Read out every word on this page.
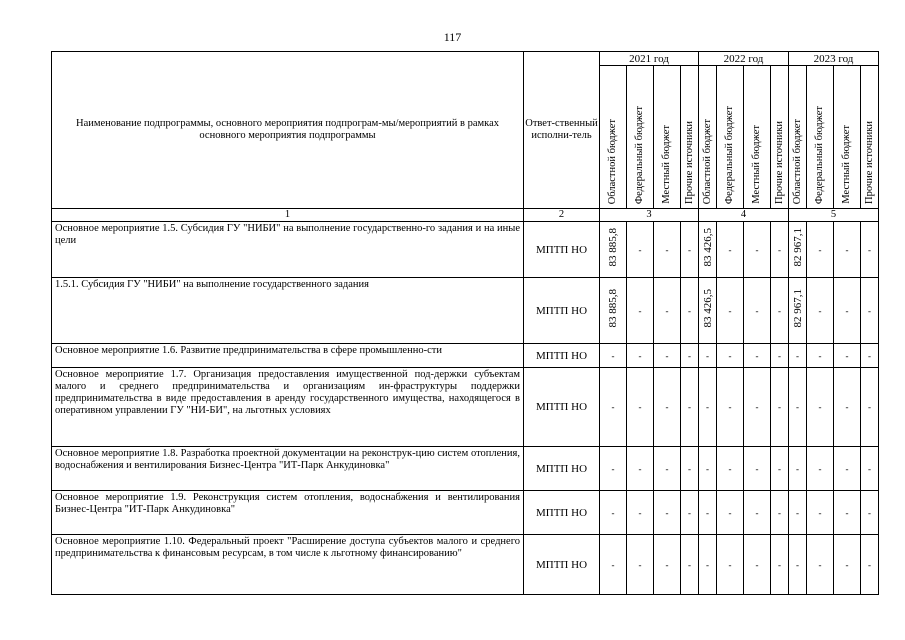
117
Наименование подпрограммы, основного мероприятия подпрограм-мы/мероприятий в рамках основного мероприятия подпрограммы	Ответ-ственный исполни-тель	2021 год				2022 год				2023 год			

		Областной бюджет	Федеральный бюджет	Местный бюджет	Прочие источники	Областной бюджет	Федеральный бюджет	Местный бюджет	Прочие источники	Областной бюджет	Федеральный бюджет	Местный бюджет	Прочие источники

1	2	3				4				5			
Основное мероприятие 1.5. Субсидия ГУ "НИБИ" на выполнение государственно-го задания и на иные цели	МПТП НО	83 885,8	-	-	-	83 426,5	-	-	-	82 967,1	-	-	-
1.5.1. Субсидия ГУ "НИБИ" на выполнение государственного задания	МПТП НО	83 885,8	-	-	-	83 426,5	-	-	-	82 967,1	-	-	-
Основное мероприятие 1.6. Развитие предпринимательства в сфере промышленно-сти	МПТП НО	-	-	-	-	-	-	-	-	-	-	-	-
Основное мероприятие 1.7. Организация предоставления имущественной под-держки субъектам малого и среднего предпринимательства и организациям ин-фраструктуры поддержки предпринимательства в виде предоставления в аренду государственного имущества, находящегося в оперативном управлении ГУ "НИ-БИ", на льготных условиях	МПТП НО	-	-	-	-	-	-	-	-	-	-	-	-
Основное мероприятие 1.8. Разработка проектной документации на реконструк-цию систем отопления, водоснабжения и вентилирования Бизнес-Центра "ИТ-Парк Анкудиновка"	МПТП НО	-	-	-	-	-	-	-	-	-	-	-	-
Основное мероприятие 1.9. Реконструкция систем отопления, водоснабжения и вентилирования Бизнес-Центра "ИТ-Парк Анкудиновка"	МПТП НО	-	-	-	-	-	-	-	-	-	-	-	-
Основное мероприятие 1.10. Федеральный проект "Расширение доступа субъектов малого и среднего предпринимательства к финансовым ресурсам, в том числе к льготному финансированию"	МПТП НО	-	-	-	-	-	-	-	-	-	-	-	-
